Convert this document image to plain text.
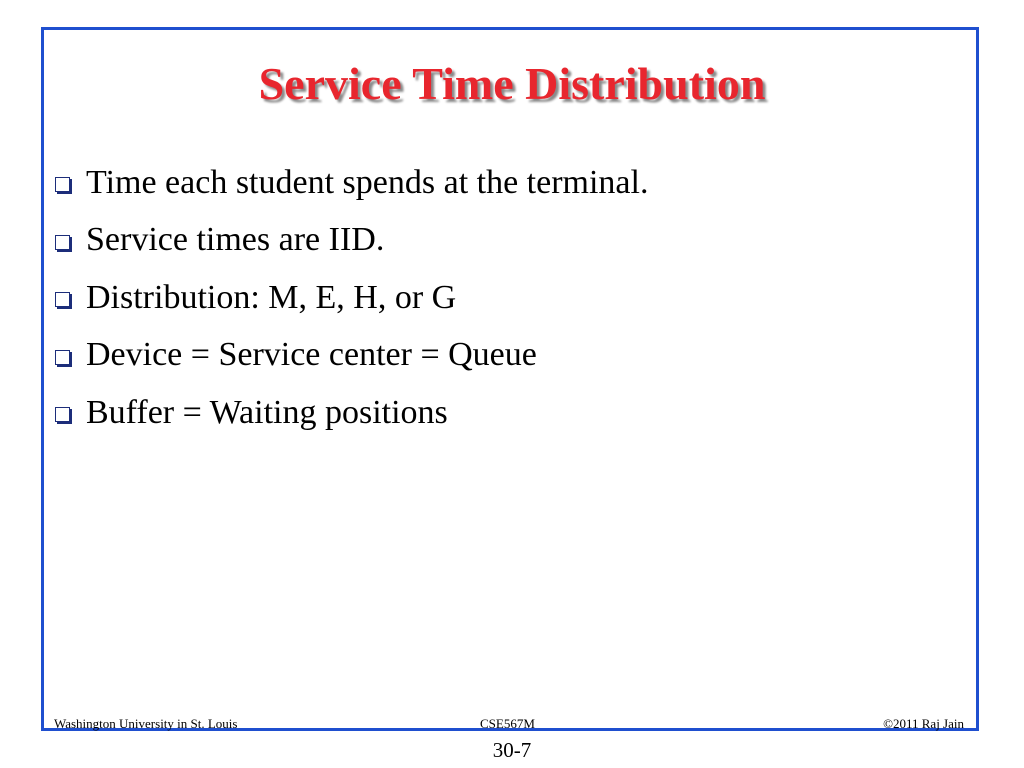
Service Time Distribution
Time each student spends at the terminal.
Service times are IID.
Distribution: M, E, H, or G
Device = Service center = Queue
Buffer = Waiting positions
Washington University in St. Louis	CSE567M	©2011 Raj Jain
30-7
